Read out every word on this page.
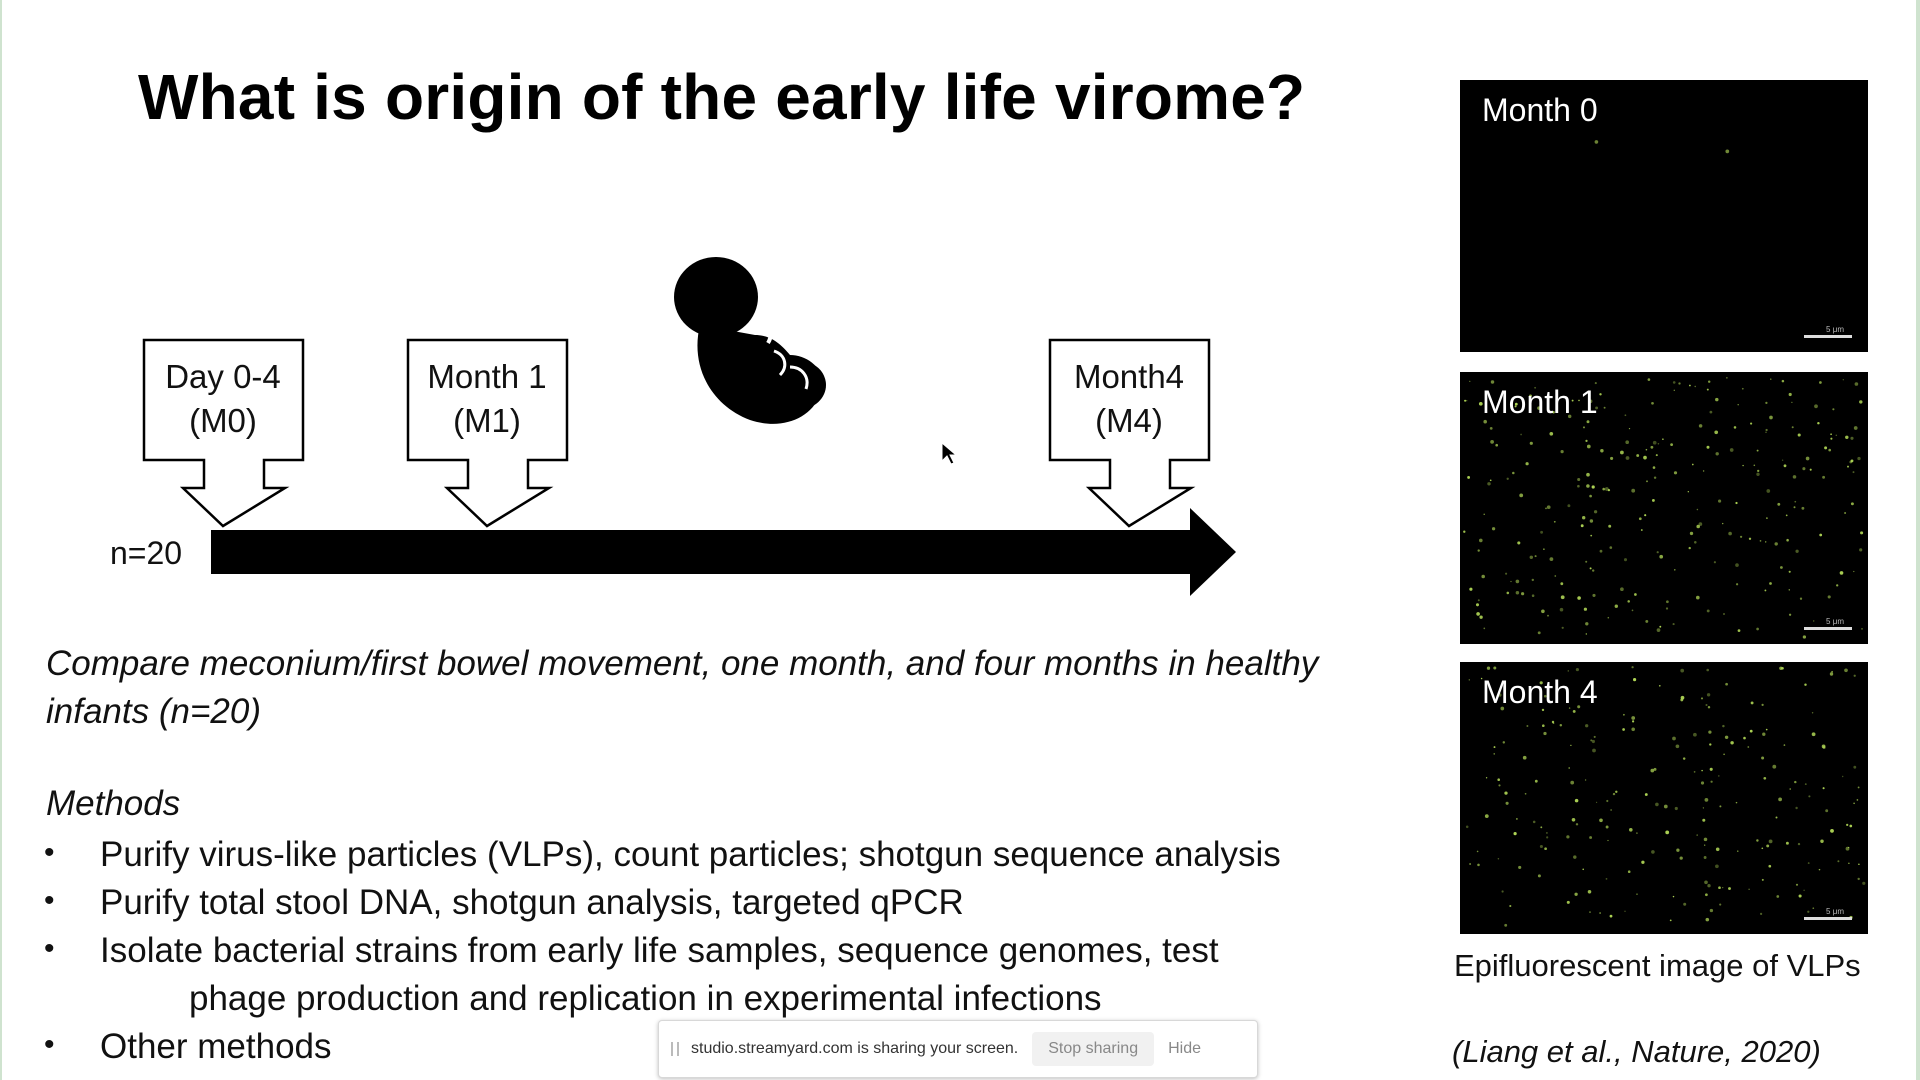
What is origin of the early life virome?
Day 0-4
(M0)
Month 1
(M1)
Month4
(M4)
n=20
Compare meconium/first bowel movement, one month, and four months in healthy infants (n=20)
Methods
• Purify virus-like particles (VLPs), count particles; shotgun sequence analysis
• Purify total stool DNA, shotgun analysis, targeted qPCR
• Isolate bacterial strains from early life samples, sequence genomes, test
phage production and replication in experimental infections
• Other methods
Month 0
5 μm
Month 1
5 μm
Month 4
5 μm
Epifluorescent image of VLPs
(Liang et al., Nature, 2020)
studio.streamyard.com is sharing your screen.	Stop sharing	Hide
